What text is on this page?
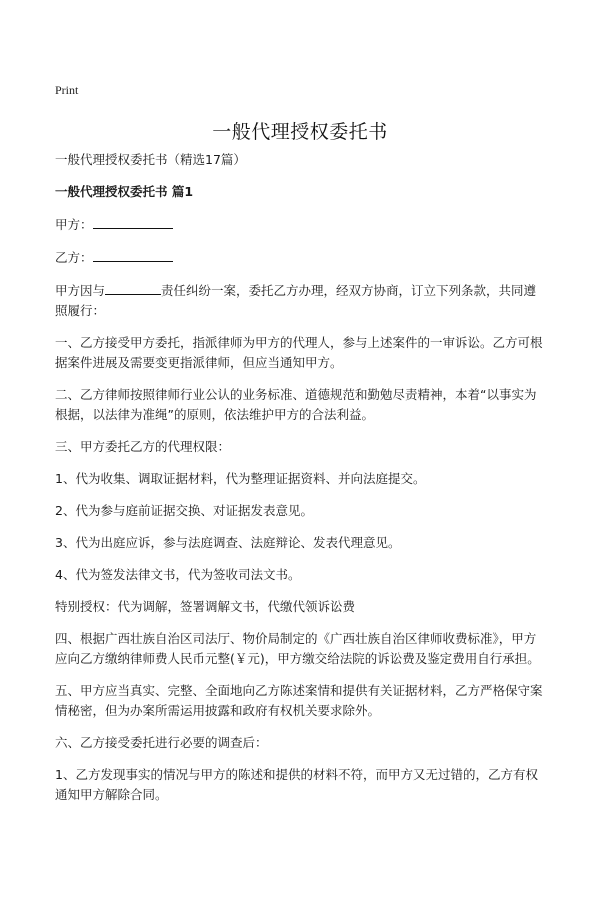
Print
一般代理授权委托书

一般代理授权委托书（精选17篇）

一般代理授权委托书 篇1

甲方：

乙方：

甲方因与	责任纠纷一案，委托乙方办理，经双方协商，订立下列条款，共同遵照履行：

一、乙方接受甲方委托，指派律师为甲方的代理人，参与上述案件的一审诉讼。乙方可根据案件进展及需要变更指派律师，但应当通知甲方。

二、乙方律师按照律师行业公认的业务标准、道德规范和勤勉尽责精神，本着“以事实为根据，以法律为准绳”的原则，依法维护甲方的合法利益。

三、甲方委托乙方的代理权限：

1、代为收集、调取证据材料，代为整理证据资料、并向法庭提交。

2、代为参与庭前证据交换、对证据发表意见。

3、代为出庭应诉，参与法庭调查、法庭辩论、发表代理意见。

4、代为签发法律文书，代为签收司法文书。

特别授权：代为调解，签署调解文书，代缴代领诉讼费

四、根据广西壮族自治区司法厅、物价局制定的《广西壮族自治区律师收费标准》，甲方应向乙方缴纳律师费人民币元整(￥元)，甲方缴交给法院的诉讼费及鉴定费用自行承担。

五、甲方应当真实、完整、全面地向乙方陈述案情和提供有关证据材料，乙方严格保守案情秘密，但为办案所需运用披露和政府有权机关要求除外。

六、乙方接受委托进行必要的调查后：

1、乙方发现事实的情况与甲方的陈述和提供的材料不符，而甲方又无过错的，乙方有权通知甲方解除合同。
